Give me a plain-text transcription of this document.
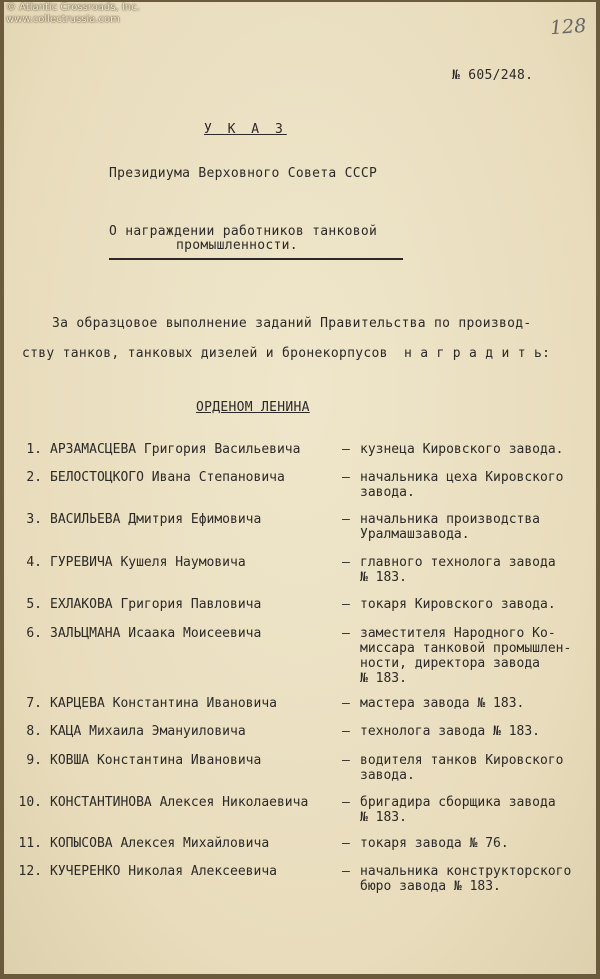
© Atlantic Crossroads, Inc.
www.collectrussia.com	128
№ 605/248.
У К А З
Президиума Верховного Совета СССР
О награждении работников танковой
промышленности.
За образцовое выполнение заданий Правительства по производ-
ству танков, танковых дизелей и бронекорпусов  н а г р а д и т ь:
ОРДЕНОМ ЛЕНИНА
1. АРЗАМАСЦЕВА Григория Васильевича	– кузнеца Кировского завода.
2. БЕЛОСТОЦКОГО Ивана Степановича	– начальника цеха Кировского
завода.
3. ВАСИЛЬЕВА Дмитрия Ефимовича	– начальника производства
Уралмашзавода.
4. ГУРЕВИЧА Кушеля Наумовича	– главного технолога завода
№ 183.
5. ЕХЛАКОВА Григория Павловича	– токаря Кировского завода.
6. ЗАЛЬЦМАНА Исаака Моисеевича	– заместителя Народного Ко-
миссара танковой промышлен-
ности, директора завода
№ 183.
7. КАРЦЕВА Константина Ивановича	– мастера завода № 183.
8. КАЦА Михаила Эмануиловича	– технолога завода № 183.
9. КОВША Константина Ивановича	– водителя танков Кировского
завода.
10. КОНСТАНТИНОВА Алексея Николаевича	– бригадира сборщика завода
№ 183.
11. КОПЫСОВА Алексея Михайловича	– токаря завода № 76.
12. КУЧЕРЕНКО Николая Алексеевича	– начальника конструкторского
бюро завода № 183.
